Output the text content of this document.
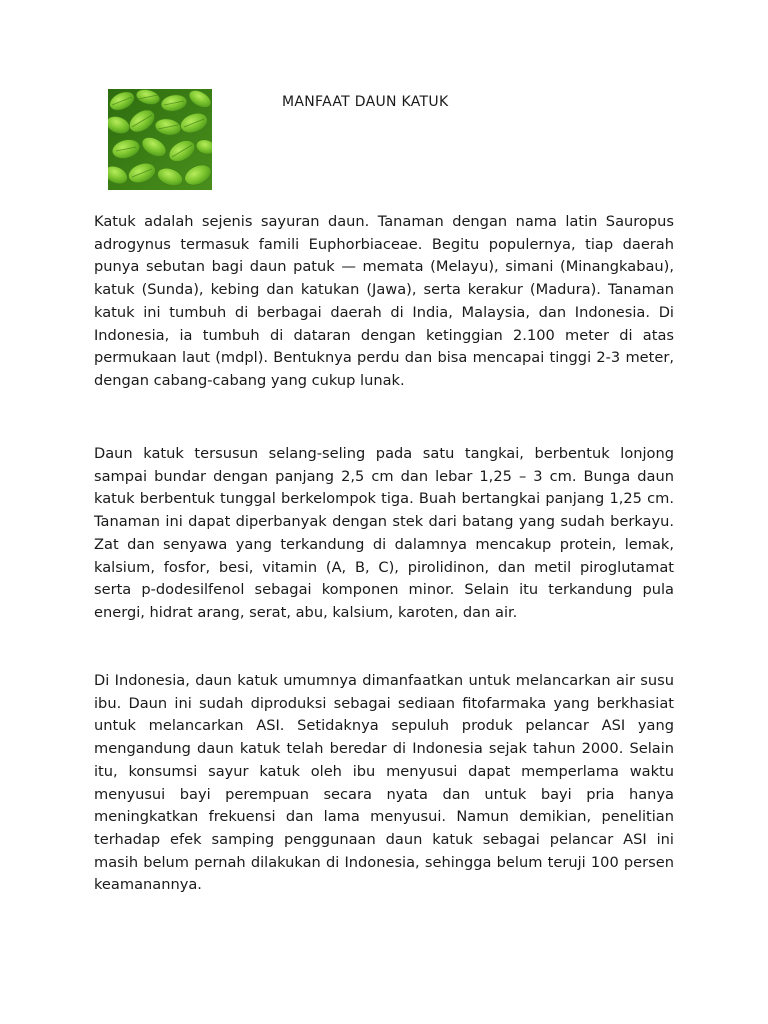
MANFAAT DAUN KATUK

Katuk adalah sejenis sayuran daun. Tanaman dengan nama latin Sauropus adrogynus termasuk famili Euphorbiaceae. Begitu populernya, tiap daerah punya sebutan bagi daun patuk — memata (Melayu), simani (Minangkabau), katuk (Sunda), kebing dan katukan (Jawa), serta kerakur (Madura). Tanaman katuk ini tumbuh di berbagai daerah di India, Malaysia, dan Indonesia. Di Indonesia, ia tumbuh di dataran dengan ketinggian 2.100 meter di atas permukaan laut (mdpl). Bentuknya perdu dan bisa mencapai tinggi 2-3 meter, dengan cabang-cabang yang cukup lunak.

Daun katuk tersusun selang-seling pada satu tangkai, berbentuk lonjong sampai bundar dengan panjang 2,5 cm dan lebar 1,25 – 3 cm. Bunga daun katuk berbentuk tunggal berkelompok tiga. Buah bertangkai panjang 1,25 cm. Tanaman ini dapat diperbanyak dengan stek dari batang yang sudah berkayu. Zat dan senyawa yang terkandung di dalamnya mencakup protein, lemak, kalsium, fosfor, besi, vitamin (A, B, C), pirolidinon, dan metil piroglutamat serta p-dodesilfenol sebagai komponen minor. Selain itu terkandung pula energi, hidrat arang, serat, abu, kalsium, karoten, dan air.

Di Indonesia, daun katuk umumnya dimanfaatkan untuk melancarkan air susu ibu. Daun ini sudah diproduksi sebagai sediaan fitofarmaka yang berkhasiat untuk melancarkan ASI. Setidaknya sepuluh produk pelancar ASI yang mengandung daun katuk telah beredar di Indonesia sejak tahun 2000. Selain itu, konsumsi sayur katuk oleh ibu menyusui dapat memperlama waktu menyusui bayi perempuan secara nyata dan untuk bayi pria hanya meningkatkan frekuensi dan lama menyusui. Namun demikian, penelitian terhadap efek samping penggunaan daun katuk sebagai pelancar ASI ini masih belum pernah dilakukan di Indonesia, sehingga belum teruji 100 persen keamanannya.
